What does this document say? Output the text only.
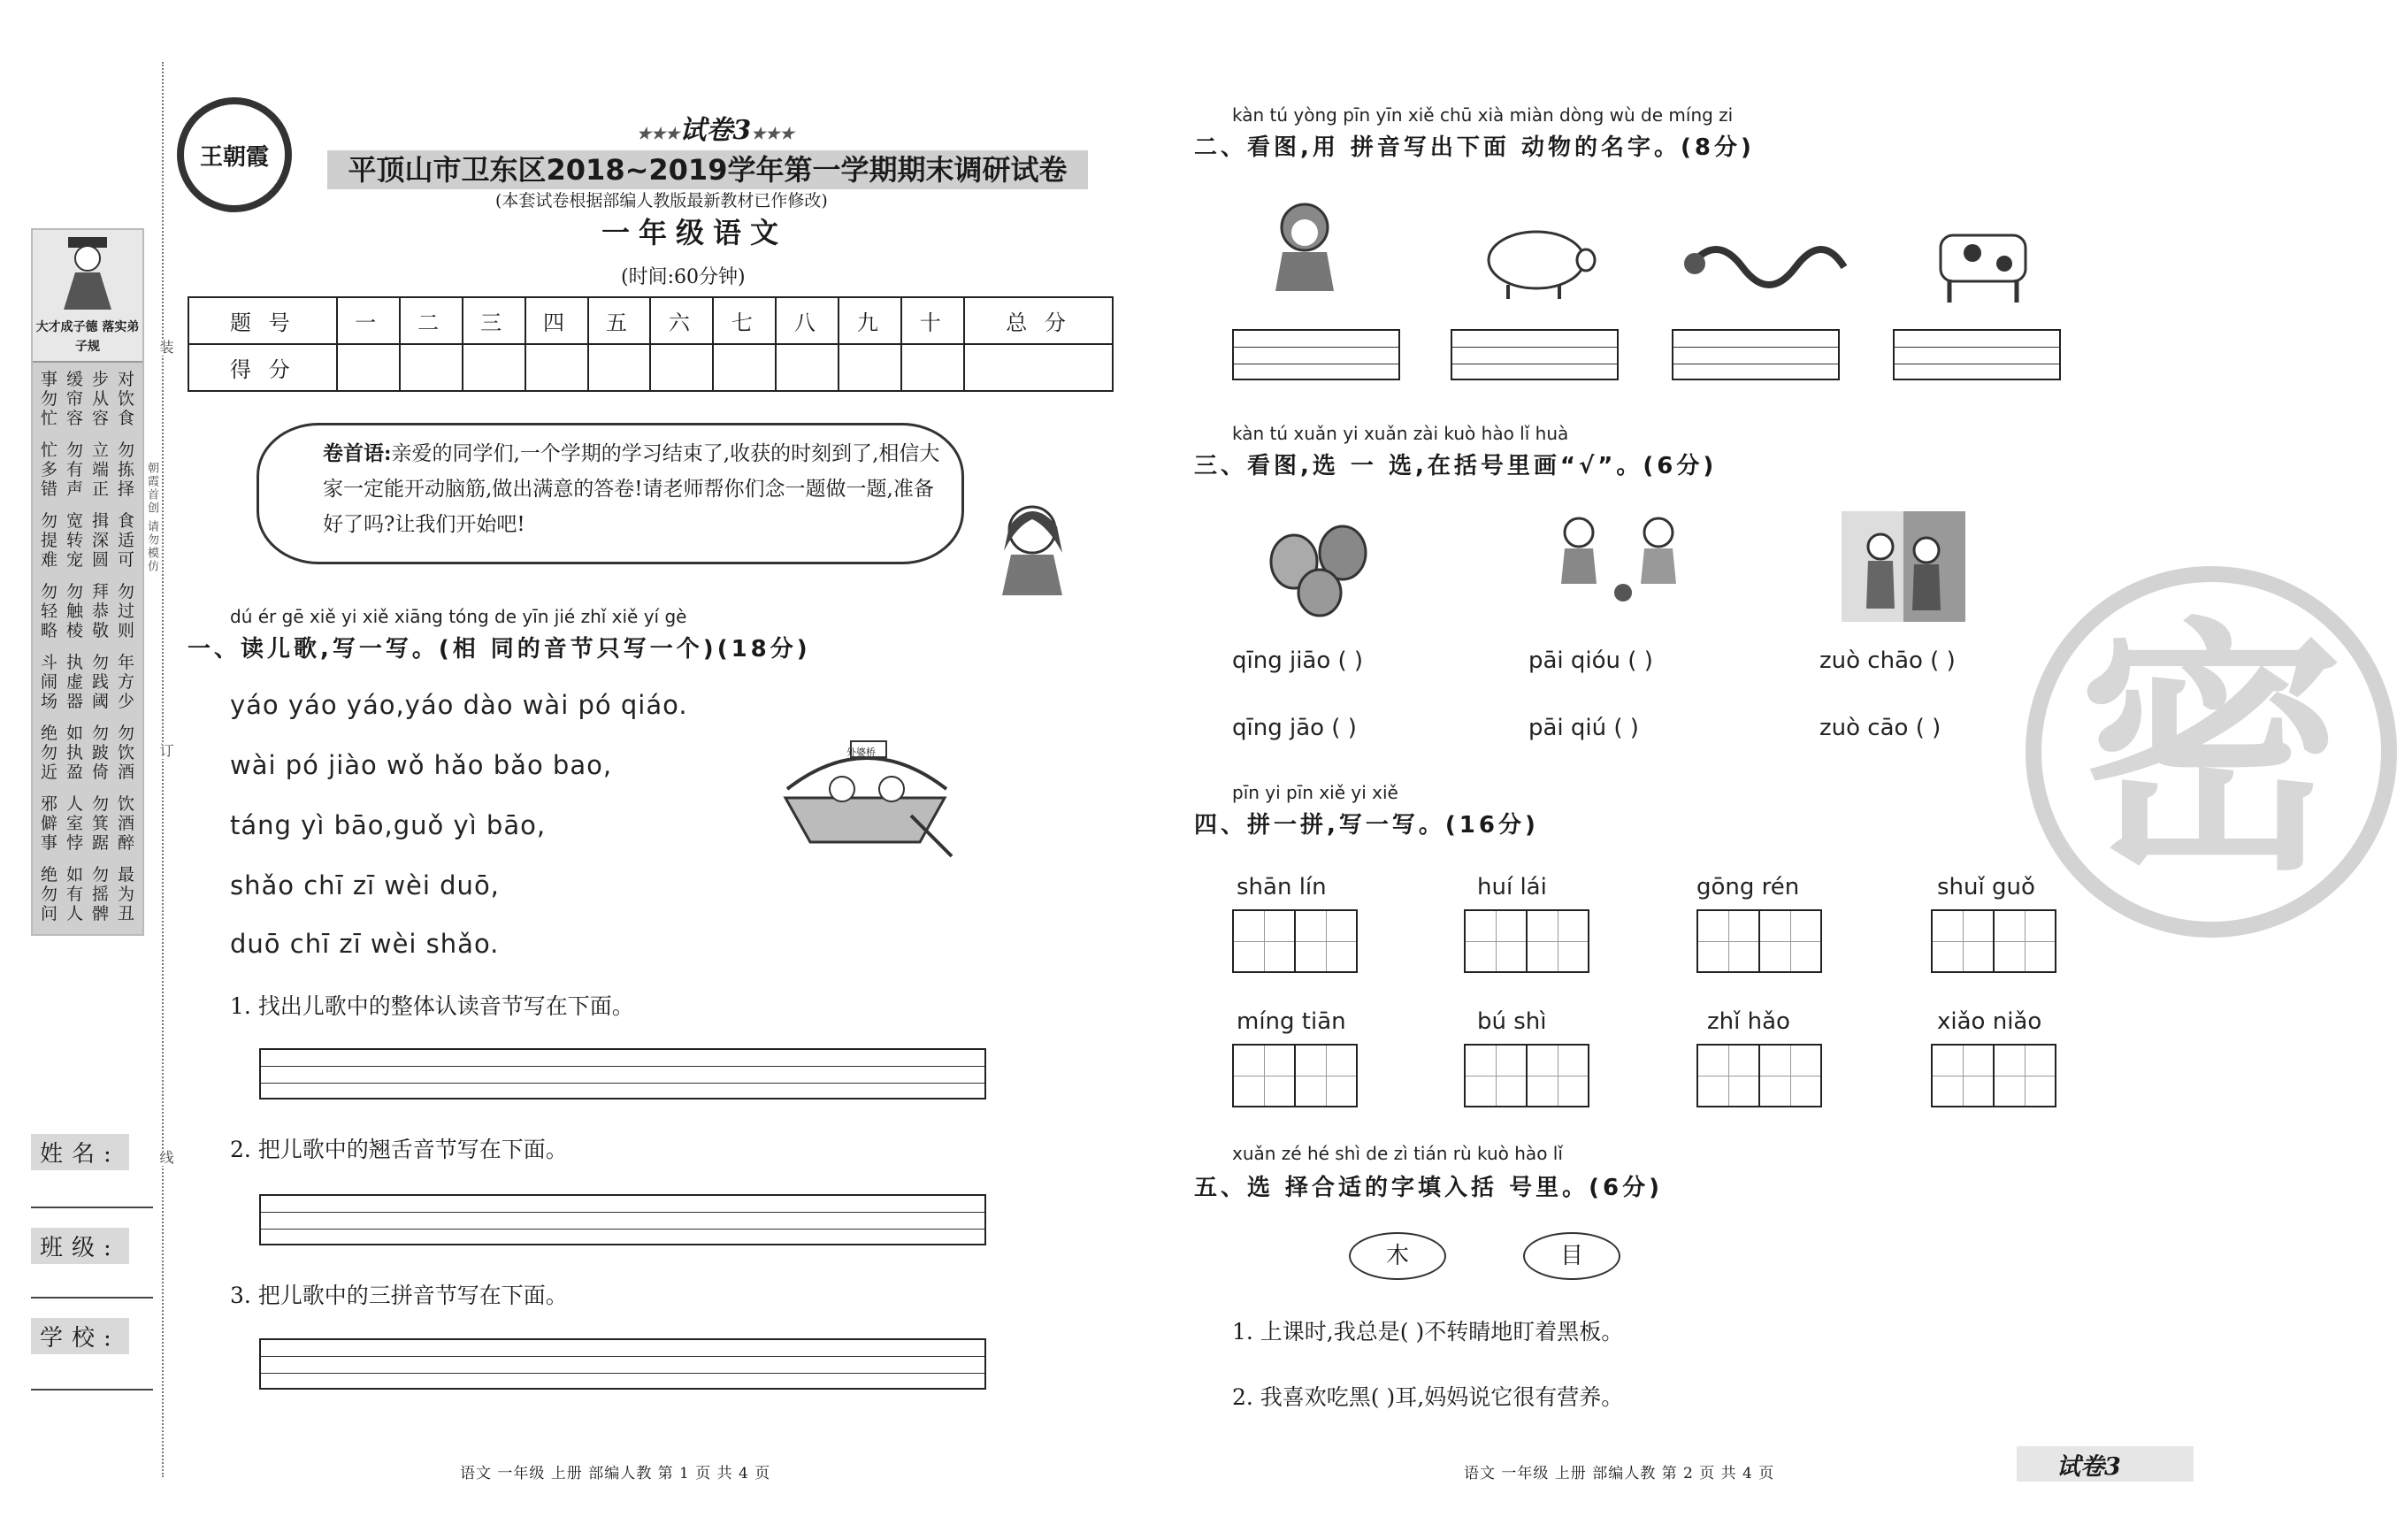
大才成子德 落实弟子规
事勿忙
忙多错
勿提难
勿轻略
斗闹场
绝勿近
邪僻事
绝勿问
缓帘容
勿有声
宽转宠
勿触棱
执虚器
如执盈
人室悖
如有人
步从容
立端正
揖深圆
拜恭敬
勿践阈
勿跛倚
勿箕踞
勿摇髀
对饮食
勿拣择
食适可
勿过则
年方少
勿饮酒
饮酒醉
最为丑
装
朝霞首创 请勿模仿
订
线
姓名:
班级:
学校:
王朝霞
★★★试卷3★★★
平顶山市卫东区2018~2019学年第一学期期末调研试卷
(本套试卷根据部编人教版最新教材已作修改)
一年级语文
(时间:60分钟)
题 号	一	二	三	四	五	六	七	八	九	十	总 分
得 分											
卷首语:亲爱的同学们,一个学期的学习结束了,收获的时刻到了,相信大家一定能开动脑筋,做出满意的答卷!请老师帮你们念一题做一题,准备好了吗?让我们开始吧!
dú ér gē xiě yi xiě xiāng tóng de yīn jié zhǐ xiě yí gè
一、读儿歌,写一写。(相 同的音节只写一个)(18分)
yáo yáo yáo,yáo dào wài pó qiáo.
wài pó jiào wǒ hǎo bǎo bao,
táng yì bāo,guǒ yì bāo,
shǎo chī zī wèi duō,
duō chī zī wèi shǎo.
外婆桥
1. 找出儿歌中的整体认读音节写在下面。
2. 把儿歌中的翘舌音节写在下面。
3. 把儿歌中的三拼音节写在下面。
语文 一年级 上册 部编人教 第 1 页 共 4 页
密
kàn tú yòng pīn yīn xiě chū xià miàn dòng wù de míng zi
二、看图,用 拼音写出下面 动物的名字。(8分)
kàn tú xuǎn yi xuǎn zài kuò hào lǐ huà
三、看图,选 一 选,在括号里画“√”。(6分)
qīng jiāo ( )	pāi qióu ( )	zuò chāo ( )
qīng jāo ( )	pāi qiú ( )	zuò cāo ( )
pīn yi pīn xiě yi xiě
四、拼一拼,写一写。(16分)
shān lín	huí lái	gōng rén	shuǐ guǒ
míng tiān	bú shì	zhǐ hǎo	xiǎo niǎo
xuǎn zé hé shì de zì tián rù kuò hào lǐ
五、选 择合适的字填入括 号里。(6分)
木	目
1. 上课时,我总是( )不转睛地盯着黑板。
2. 我喜欢吃黑( )耳,妈妈说它很有营养。
语文 一年级 上册 部编人教 第 2 页 共 4 页	试卷3
